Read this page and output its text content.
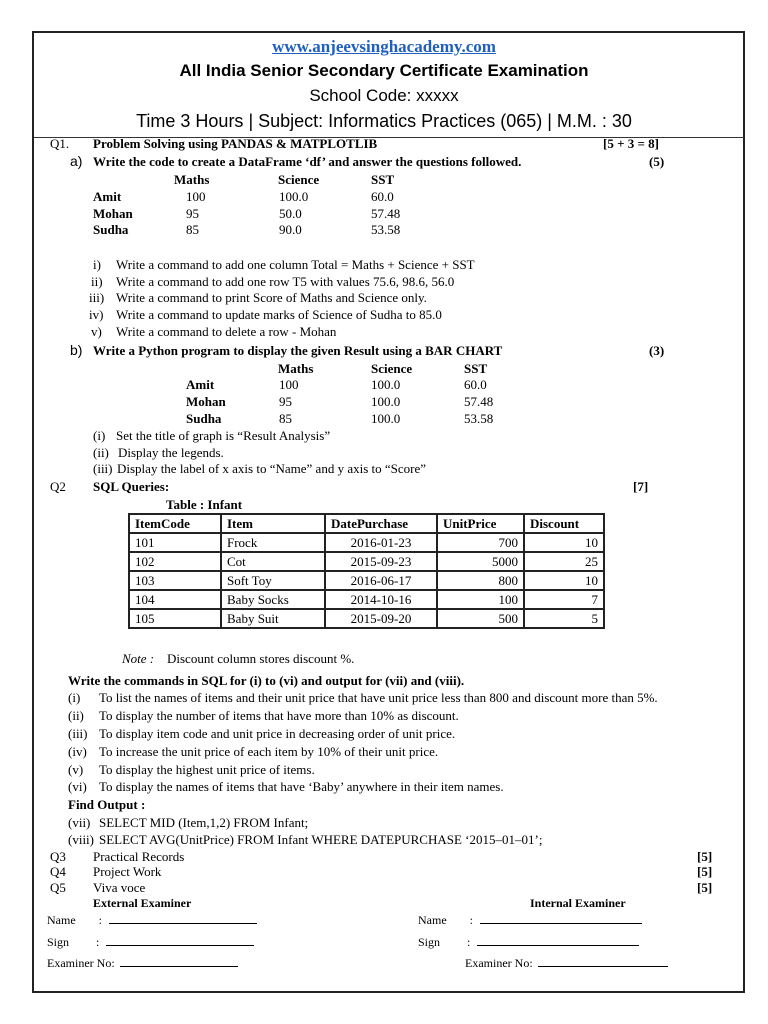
www.anjeevsinghacademy.com
All India Senior Secondary Certificate Examination
School Code: xxxxx
Time 3 Hours | Subject: Informatics Practices (065) | M.M. : 30
Q1. Problem Solving using PANDAS & MATPLOTLIB	[5 + 3 = 8]
a) Write the code to create a DataFrame ‘df’ and answer the questions followed.	(5)
Maths	Science	SST
Amit	100	100.0	60.0
Mohan	95	50.0	57.48
Sudha	85	90.0	53.58
i) Write a command to add one column Total = Maths + Science + SST
ii) Write a command to add one row T5 with values 75.6, 98.6, 56.0
iii) Write a command to print Score of Maths and Science only.
iv) Write a command to update marks of Science of Sudha to 85.0
v) Write a command to delete a row - Mohan
b) Write a Python program to display the given Result using a BAR CHART	(3)
Maths	Science	SST
Amit	100	100.0	60.0
Mohan	95	100.0	57.48
Sudha	85	100.0	53.58
(i) Set the title of graph is “Result Analysis”
(ii) Display the legends.
(iii) Display the label of x axis to “Name” and y axis to “Score”
Q2 SQL Queries:	[7]
Table : Infant
ItemCode	Item	DatePurchase	UnitPrice	Discount
101	Frock	2016-01-23	700	10
102	Cot	2015-09-23	5000	25
103	Soft Toy	2016-06-17	800	10
104	Baby Socks	2014-10-16	100	7
105	Baby Suit	2015-09-20	500	5
Note : Discount column stores discount %.
Write the commands in SQL for (i) to (vi) and output for (vii) and (viii).
(i) To list the names of items and their unit price that have unit price less than 800 and discount more than 5%.
(ii) To display the number of items that have more than 10% as discount.
(iii) To display item code and unit price in decreasing order of unit price.
(iv) To increase the unit price of each item by 10% of their unit price.
(v) To display the highest unit price of items.
(vi) To display the names of items that have ‘Baby’ anywhere in their item names.
Find Output :
(vii) SELECT MID (Item,1,2) FROM Infant;
(viii) SELECT AVG(UnitPrice) FROM Infant WHERE DATEPURCHASE ‘2015–01–01’;
Q3 Practical Records	[5]
Q4 Project Work	[5]
Q5 Viva voce	[5]
External Examiner	Internal Examiner
Name :
Sign :
Examiner No:
Name :
Sign :
Examiner No:
